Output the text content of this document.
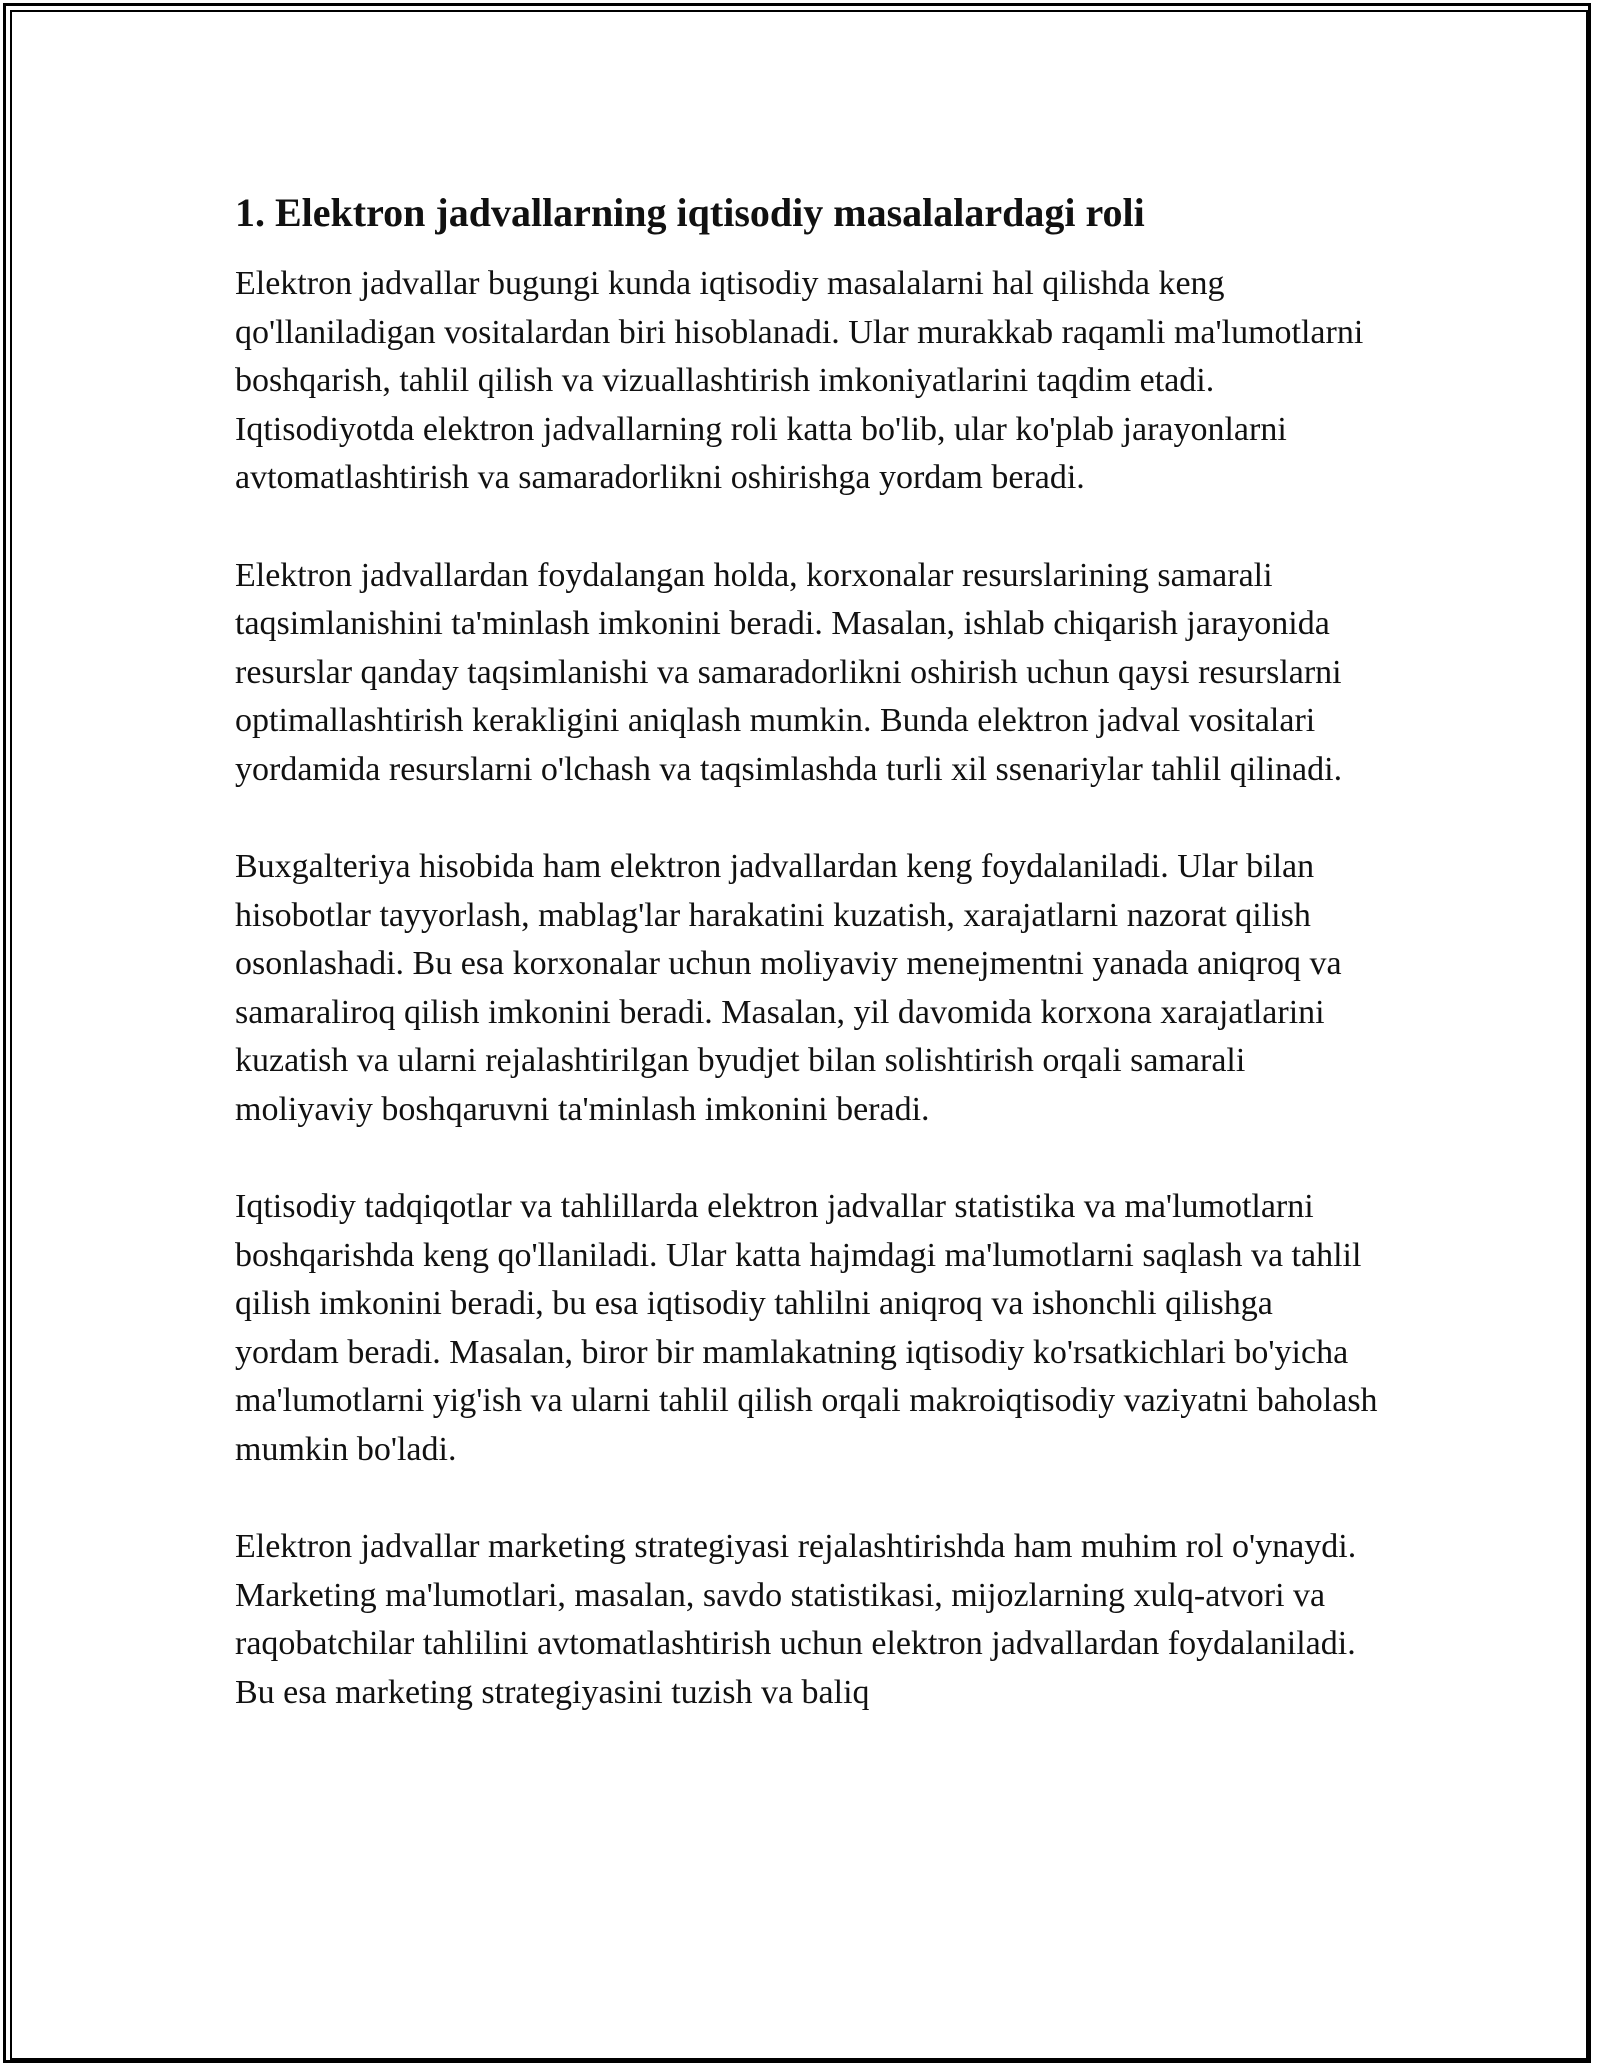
1. Elektron jadvallarning iqtisodiy masalalardagi roli

Elektron jadvallar bugungi kunda iqtisodiy masalalarni hal qilishda keng qo'llaniladigan vositalardan biri hisoblanadi. Ular murakkab raqamli ma'lumotlarni boshqarish, tahlil qilish va vizuallashtirish imkoniyatlarini taqdim etadi. Iqtisodiyotda elektron jadvallarning roli katta bo'lib, ular ko'plab jarayonlarni avtomatlashtirish va samaradorlikni oshirishga yordam beradi.

Elektron jadvallardan foydalangan holda, korxonalar resurslarining samarali taqsimlanishini ta'minlash imkonini beradi. Masalan, ishlab chiqarish jarayonida resurslar qanday taqsimlanishi va samaradorlikni oshirish uchun qaysi resurslarni optimallashtirish kerakligini aniqlash mumkin. Bunda elektron jadval vositalari yordamida resurslarni o'lchash va taqsimlashda turli xil ssenariylar tahlil qilinadi.

Buxgalteriya hisobida ham elektron jadvallardan keng foydalaniladi. Ular bilan hisobotlar tayyorlash, mablag'lar harakatini kuzatish, xarajatlarni nazorat qilish osonlashadi. Bu esa korxonalar uchun moliyaviy menejmentni yanada aniqroq va samaraliroq qilish imkonini beradi. Masalan, yil davomida korxona xarajatlarini kuzatish va ularni rejalashtirilgan byudjet bilan solishtirish orqali samarali moliyaviy boshqaruvni ta'minlash imkonini beradi.

Iqtisodiy tadqiqotlar va tahlillarda elektron jadvallar statistika va ma'lumotlarni boshqarishda keng qo'llaniladi. Ular katta hajmdagi ma'lumotlarni saqlash va tahlil qilish imkonini beradi, bu esa iqtisodiy tahlilni aniqroq va ishonchli qilishga yordam beradi. Masalan, biror bir mamlakatning iqtisodiy ko'rsatkichlari bo'yicha ma'lumotlarni yig'ish va ularni tahlil qilish orqali makroiqtisodiy vaziyatni baholash mumkin bo'ladi.

Elektron jadvallar marketing strategiyasi rejalashtirishda ham muhim rol o'ynaydi. Marketing ma'lumotlari, masalan, savdo statistikasi, mijozlarning xulq-atvori va raqobatchilar tahlilini avtomatlashtirish uchun elektron jadvallardan foydalaniladi. Bu esa marketing strategiyasini tuzish va baliq
